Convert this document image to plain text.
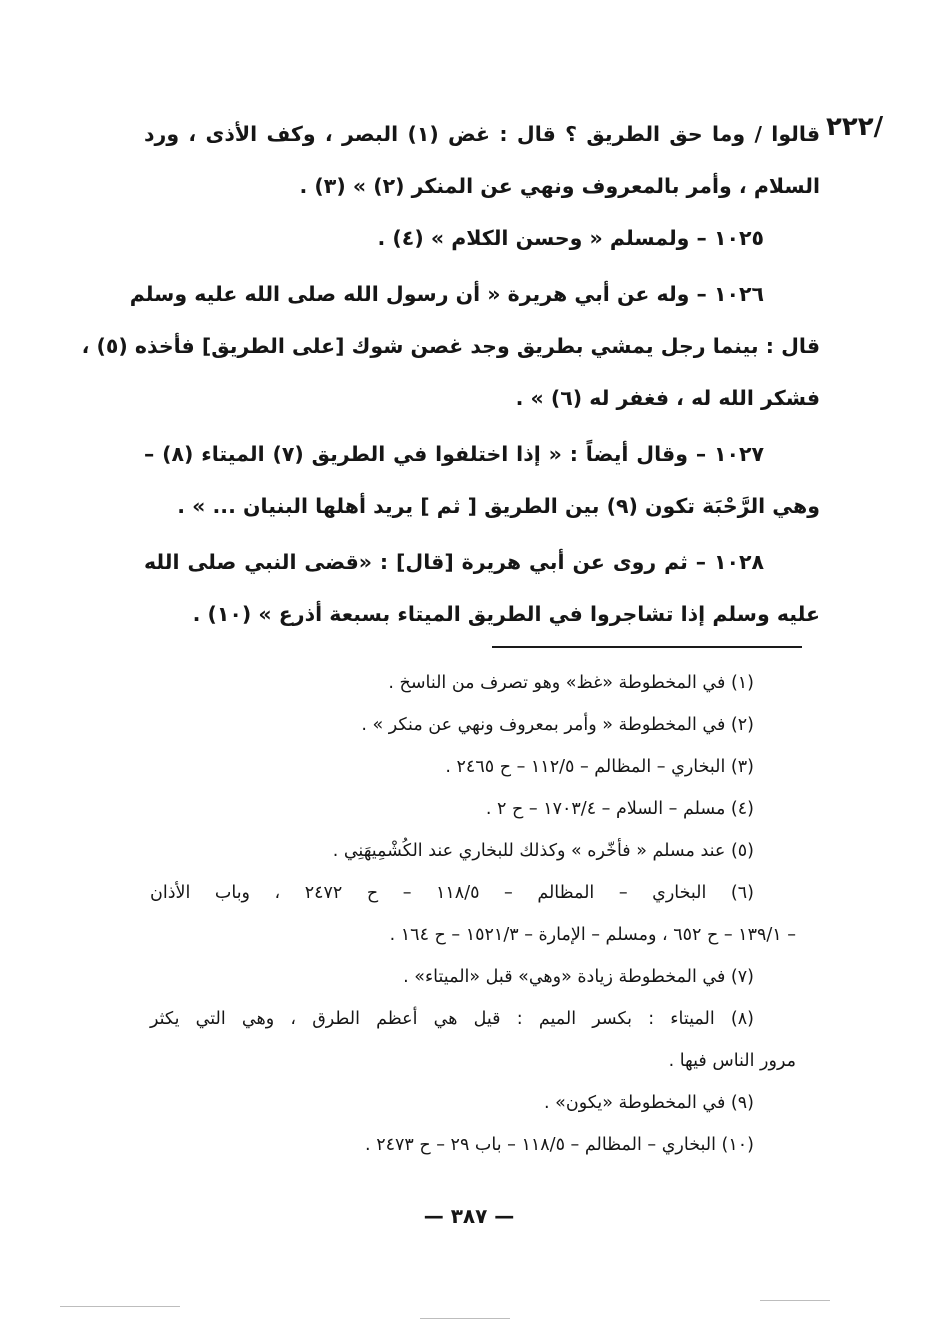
/٢٢٢
قالوا / وما حق الطريق ؟ قال : غض (١) البصر ، وكف الأذى ، ورد
السلام ، وأمر بالمعروف ونهي عن المنكر (٢) » (٣) .
١٠٢٥ – ولمسلم « وحسن الكلام » (٤) .
١٠٢٦ – وله عن أبي هريرة « أن رسول الله صلى الله عليه وسلم
قال : بينما رجل يمشي بطريق وجد غصن شوك [على الطريق] فأخذه (٥) ،
فشكر الله له ، فغفر له (٦) » .
١٠٢٧ – وقال أيضاً : « إذا اختلفوا في الطريق (٧) الميتاء (٨) –
وهي الرَّحْبَة تكون (٩) بين الطريق [ ثم ] يريد أهلها البنيان ... » .
١٠٢٨ – ثم روى عن أبي هريرة [قال] : «قضى النبي صلى الله
عليه وسلم إذا تشاجروا في الطريق الميتاء بسبعة أذرع » (١٠) .
(١) في المخطوطة «غظ» وهو تصرف من الناسخ .
(٢) في المخطوطة « وأمر بمعروف ونهي عن منكر » .
(٣) البخاري – المظالم – ١١٢/٥ – ح ٢٤٦٥ .
(٤) مسلم – السلام – ١٧٠٣/٤ – ح ٢ .
(٥) عند مسلم « فأخّره » وكذلك للبخاري عند الكُشْمِيهَنِي .
(٦) البخاري – المظالم – ١١٨/٥ – ح ٢٤٧٢ ، وباب الأذان
– ١٣٩/١ – ح ٦٥٢ ، ومسلم – الإمارة – ١٥٢١/٣ – ح ١٦٤ .
(٧) في المخطوطة زيادة «وهي» قبل «الميتاء» .
(٨) الميتاء : بكسر الميم : قيل هي أعظم الطرق ، وهي التي يكثر
مرور الناس فيها .
(٩) في المخطوطة «يكون» .
(١٠) البخاري – المظالم – ١١٨/٥ – باب ٢٩ – ح ٢٤٧٣ .
— ٣٨٧ —
